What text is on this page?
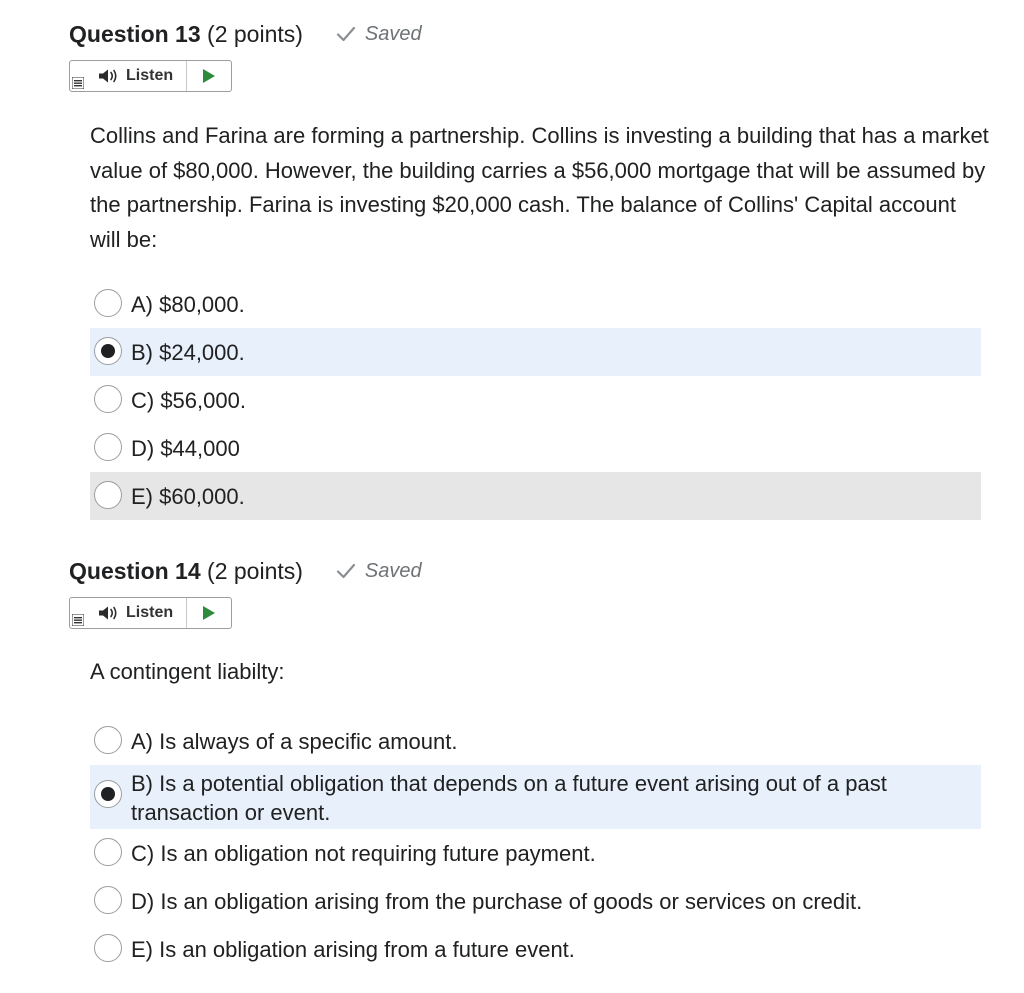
Question 13 (2 points)	Saved
Listen
Collins and Farina are forming a partnership. Collins is investing a building that has a market value of $80,000. However, the building carries a $56,000 mortgage that will be assumed by the partnership. Farina is investing $20,000 cash. The balance of Collins' Capital account will be:
A) $80,000.
B) $24,000.
C) $56,000.
D) $44,000
E) $60,000.
Question 14 (2 points)	Saved
Listen
A contingent liabilty:
A) Is always of a specific amount.
B) Is a potential obligation that depends on a future event arising out of a past transaction or event.
C) Is an obligation not requiring future payment.
D) Is an obligation arising from the purchase of goods or services on credit.
E) Is an obligation arising from a future event.
